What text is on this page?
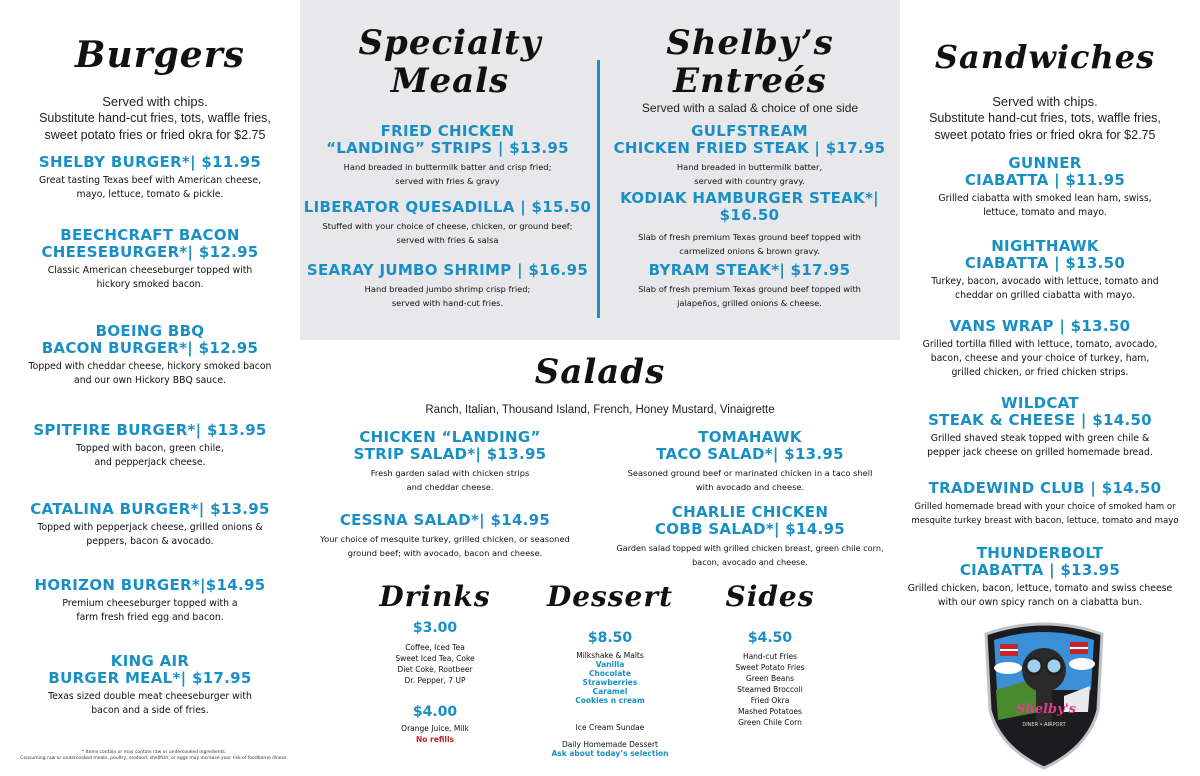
Burgers
Served with chips.
Substitute hand-cut fries, tots, waffle fries,
sweet potato fries or fried okra for $2.75
SHELBY BURGER*| $11.95
Great tasting Texas beef with American cheese,
mayo, lettuce, tomato & pickle.
BEECHCRAFT BACON
CHEESEBURGER*| $12.95
Classic American cheeseburger topped with
hickory smoked bacon.
BOEING BBQ
BACON BURGER*| $12.95
Topped with cheddar cheese, hickory smoked bacon
and our own Hickory BBQ sauce.
SPITFIRE BURGER*| $13.95
Topped with bacon, green chile,
and pepperjack cheese.
CATALINA BURGER*| $13.95
Topped with pepperjack cheese, grilled onions &
peppers, bacon & avocado.
HORIZON BURGER*|$14.95
Premium cheeseburger topped with a
farm fresh fried egg and bacon.
KING AIR
BURGER MEAL*| $17.95
Texas sized double meat cheeseburger with
bacon and a side of fries.
* Items contain or may contain raw or undercooked ingredients.
Consuming raw or undercooked meats, poultry, seafood, shellfish, or eggs may increase your risk of foodborne illness.
Specialty
Meals
FRIED CHICKEN
“LANDING” STRIPS | $13.95
Hand breaded in buttermilk batter and crisp fried;
served with fries & gravy
LIBERATOR QUESADILLA | $15.50
Stuffed with your choice of cheese, chicken, or ground beef;
served with fries & salsa
SEARAY JUMBO SHRIMP | $16.95
Hand breaded jumbo shrimp crisp fried;
served with hand-cut fries.
Shelby’s
Entreés
Served with a salad & choice of one side
GULFSTREAM
CHICKEN FRIED STEAK | $17.95
Hand breaded in buttermilk batter,
served with country gravy.
KODIAK HAMBURGER STEAK*| $16.50
Slab of fresh premium Texas ground beef topped with
carmelized onions & brown gravy.
BYRAM STEAK*| $17.95
Slab of fresh premium Texas ground beef topped with
jalapeños, grilled onions & cheese.
Sandwiches
Served with chips.
Substitute hand-cut fries, tots, waffle fries,
sweet potato fries or fried okra for $2.75
GUNNER
CIABATTA | $11.95
Grilled ciabatta with smoked lean ham, swiss,
lettuce, tomato and mayo.
NIGHTHAWK
CIABATTA | $13.50
Turkey, bacon, avocado with lettuce, tomato and
cheddar on grilled ciabatta with mayo.
VANS WRAP | $13.50
Grilled tortilla filled with lettuce, tomato, avocado,
bacon, cheese and your choice of turkey, ham,
grilled chicken, or fried chicken strips.
WILDCAT
STEAK & CHEESE | $14.50
Grilled shaved steak topped with green chile &
pepper jack cheese on grilled homemade bread.
TRADEWIND CLUB | $14.50
Grilled homemade bread with your choice of smoked ham or
mesquite turkey breast with bacon, lettuce, tomato and mayo
THUNDERBOLT
CIABATTA | $13.95
Grilled chicken, bacon, lettuce, tomato and swiss cheese
with our own spicy ranch on a ciabatta bun.
Salads
Ranch, Italian, Thousand Island, French, Honey Mustard, Vinaigrette
CHICKEN “LANDING”
STRIP SALAD*| $13.95
Fresh garden salad with chicken strips
and cheddar cheese.
TOMAHAWK
TACO SALAD*| $13.95
Seasoned ground beef or marinated chicken in a taco shell
with avocado and cheese.
CESSNA SALAD*| $14.95
Your choice of mesquite turkey, grilled chicken, or seasoned
ground beef; with avocado, bacon and cheese.
CHARLIE CHICKEN
COBB SALAD*| $14.95
Garden salad topped with grilled chicken breast, green chile corn,
bacon, avocado and cheese.
Drinks
$3.00
Coffee, Iced Tea
Sweet Iced Tea, Coke
Diet Coke, Rootbeer
Dr. Pepper, 7 UP
$4.00
Orange Juice, Milk
No refills
Dessert
$8.50
Milkshake & Malts
Vanilla
Chocolate
Strawberries
Caramel
Cookies n cream
Ice Cream Sundae
Daily Homemade Dessert
Ask about today’s selection
Sides
$4.50
Hand-cut Fries
Sweet Potato Fries
Green Beans
Steamed Broccoli
Fried Okra
Mashed Potatoes
Green Chile Corn
Shelby's
DINER • AIRPORT
